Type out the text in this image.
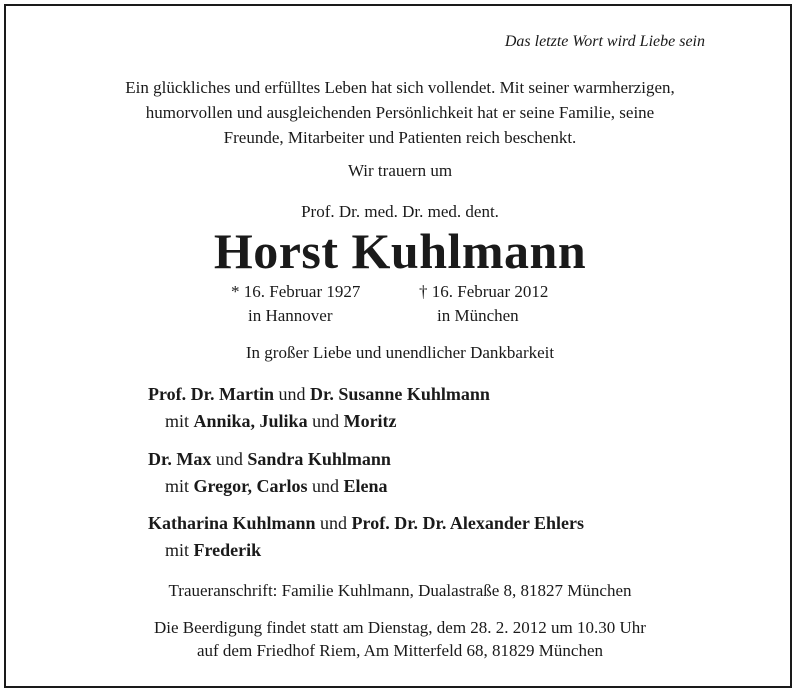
Das letzte Wort wird Liebe sein
Ein glückliches und erfülltes Leben hat sich vollendet. Mit seiner warmherzigen,
humorvollen und ausgleichenden Persönlichkeit hat er seine Familie, seine
Freunde, Mitarbeiter und Patienten reich beschenkt.
Wir trauern um
Prof. Dr. med. Dr. med. dent.
Horst Kuhlmann
* 16. Februar 1927
in Hannover
† 16. Februar 2012
in München
In großer Liebe und unendlicher Dankbarkeit
Prof. Dr. Martin und Dr. Susanne Kuhlmann
mit Annika, Julika und Moritz
Dr. Max und Sandra Kuhlmann
mit Gregor, Carlos und Elena
Katharina Kuhlmann und Prof. Dr. Dr. Alexander Ehlers
mit Frederik
Traueranschrift: Familie Kuhlmann, Dualastraße 8, 81827 München
Die Beerdigung findet statt am Dienstag, dem 28. 2. 2012 um 10.30 Uhr
auf dem Friedhof Riem, Am Mitterfeld 68, 81829 München
